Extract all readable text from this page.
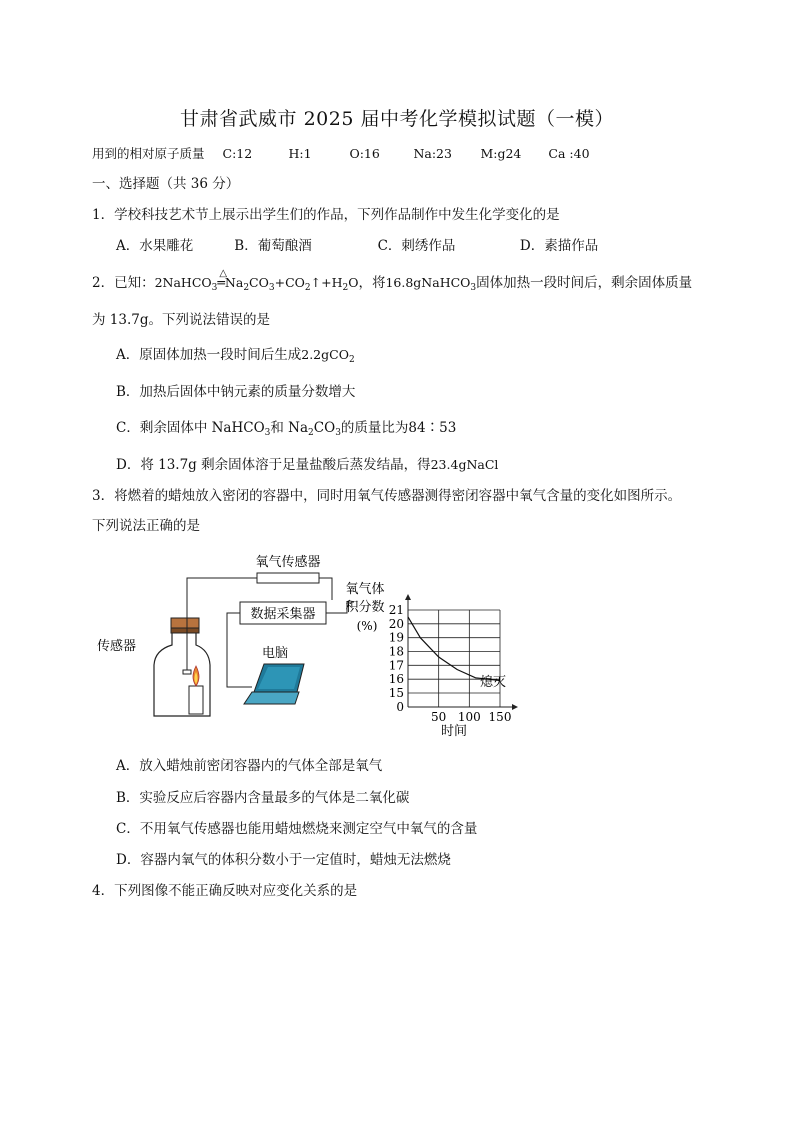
甘肃省武威市 2025 届中考化学模拟试题（一模）
用到的相对原子质量 C:12	H:1	O:16	Na:23 M:g24 Ca :40
一、选择题（共 36 分）
1．学校科技艺术节上展示出学生们的作品，下列作品制作中发生化学变化的是
A．水果雕花	B．葡萄酿酒	C．刺绣作品	D．素描作品
2．已知：2NaHCO$_3$
△
$═Na_2CO_3+CO_2↑+H_2O$，将16.8gNaHCO$_3$固体加热一段时间后，剩余固体质量
为 13.7g。下列说法错误的是
A．原固体加热一段时间后生成2.2gCO$_2$
B．加热后固体中钠元素的质量分数增大
C．剩余固体中 NaHCO$_3$和 $Na_2CO_3$的质量比为84∶53
D．将 13.7g 剩余固体溶于足量盐酸后蒸发结晶，得23.4gNaCl
3．将燃着的蜡烛放入密闭的容器中，同时用氧气传感器测得密闭容器中氧气含量的变化如图所示。
下列说法正确的是
氧气传感器
数据采集器
传感器	电脑
氧气体
积分数
(%)
0
15
16
17
18
19
20
21
50 100 150
熄灭
时间
A．放入蜡烛前密闭容器内的气体全部是氧气
B．实验反应后容器内含量最多的气体是二氧化碳
C．不用氧气传感器也能用蜡烛燃烧来测定空气中氧气的含量
D．容器内氧气的体积分数小于一定值时，蜡烛无法燃烧
4．下列图像不能正确反映对应变化关系的是
